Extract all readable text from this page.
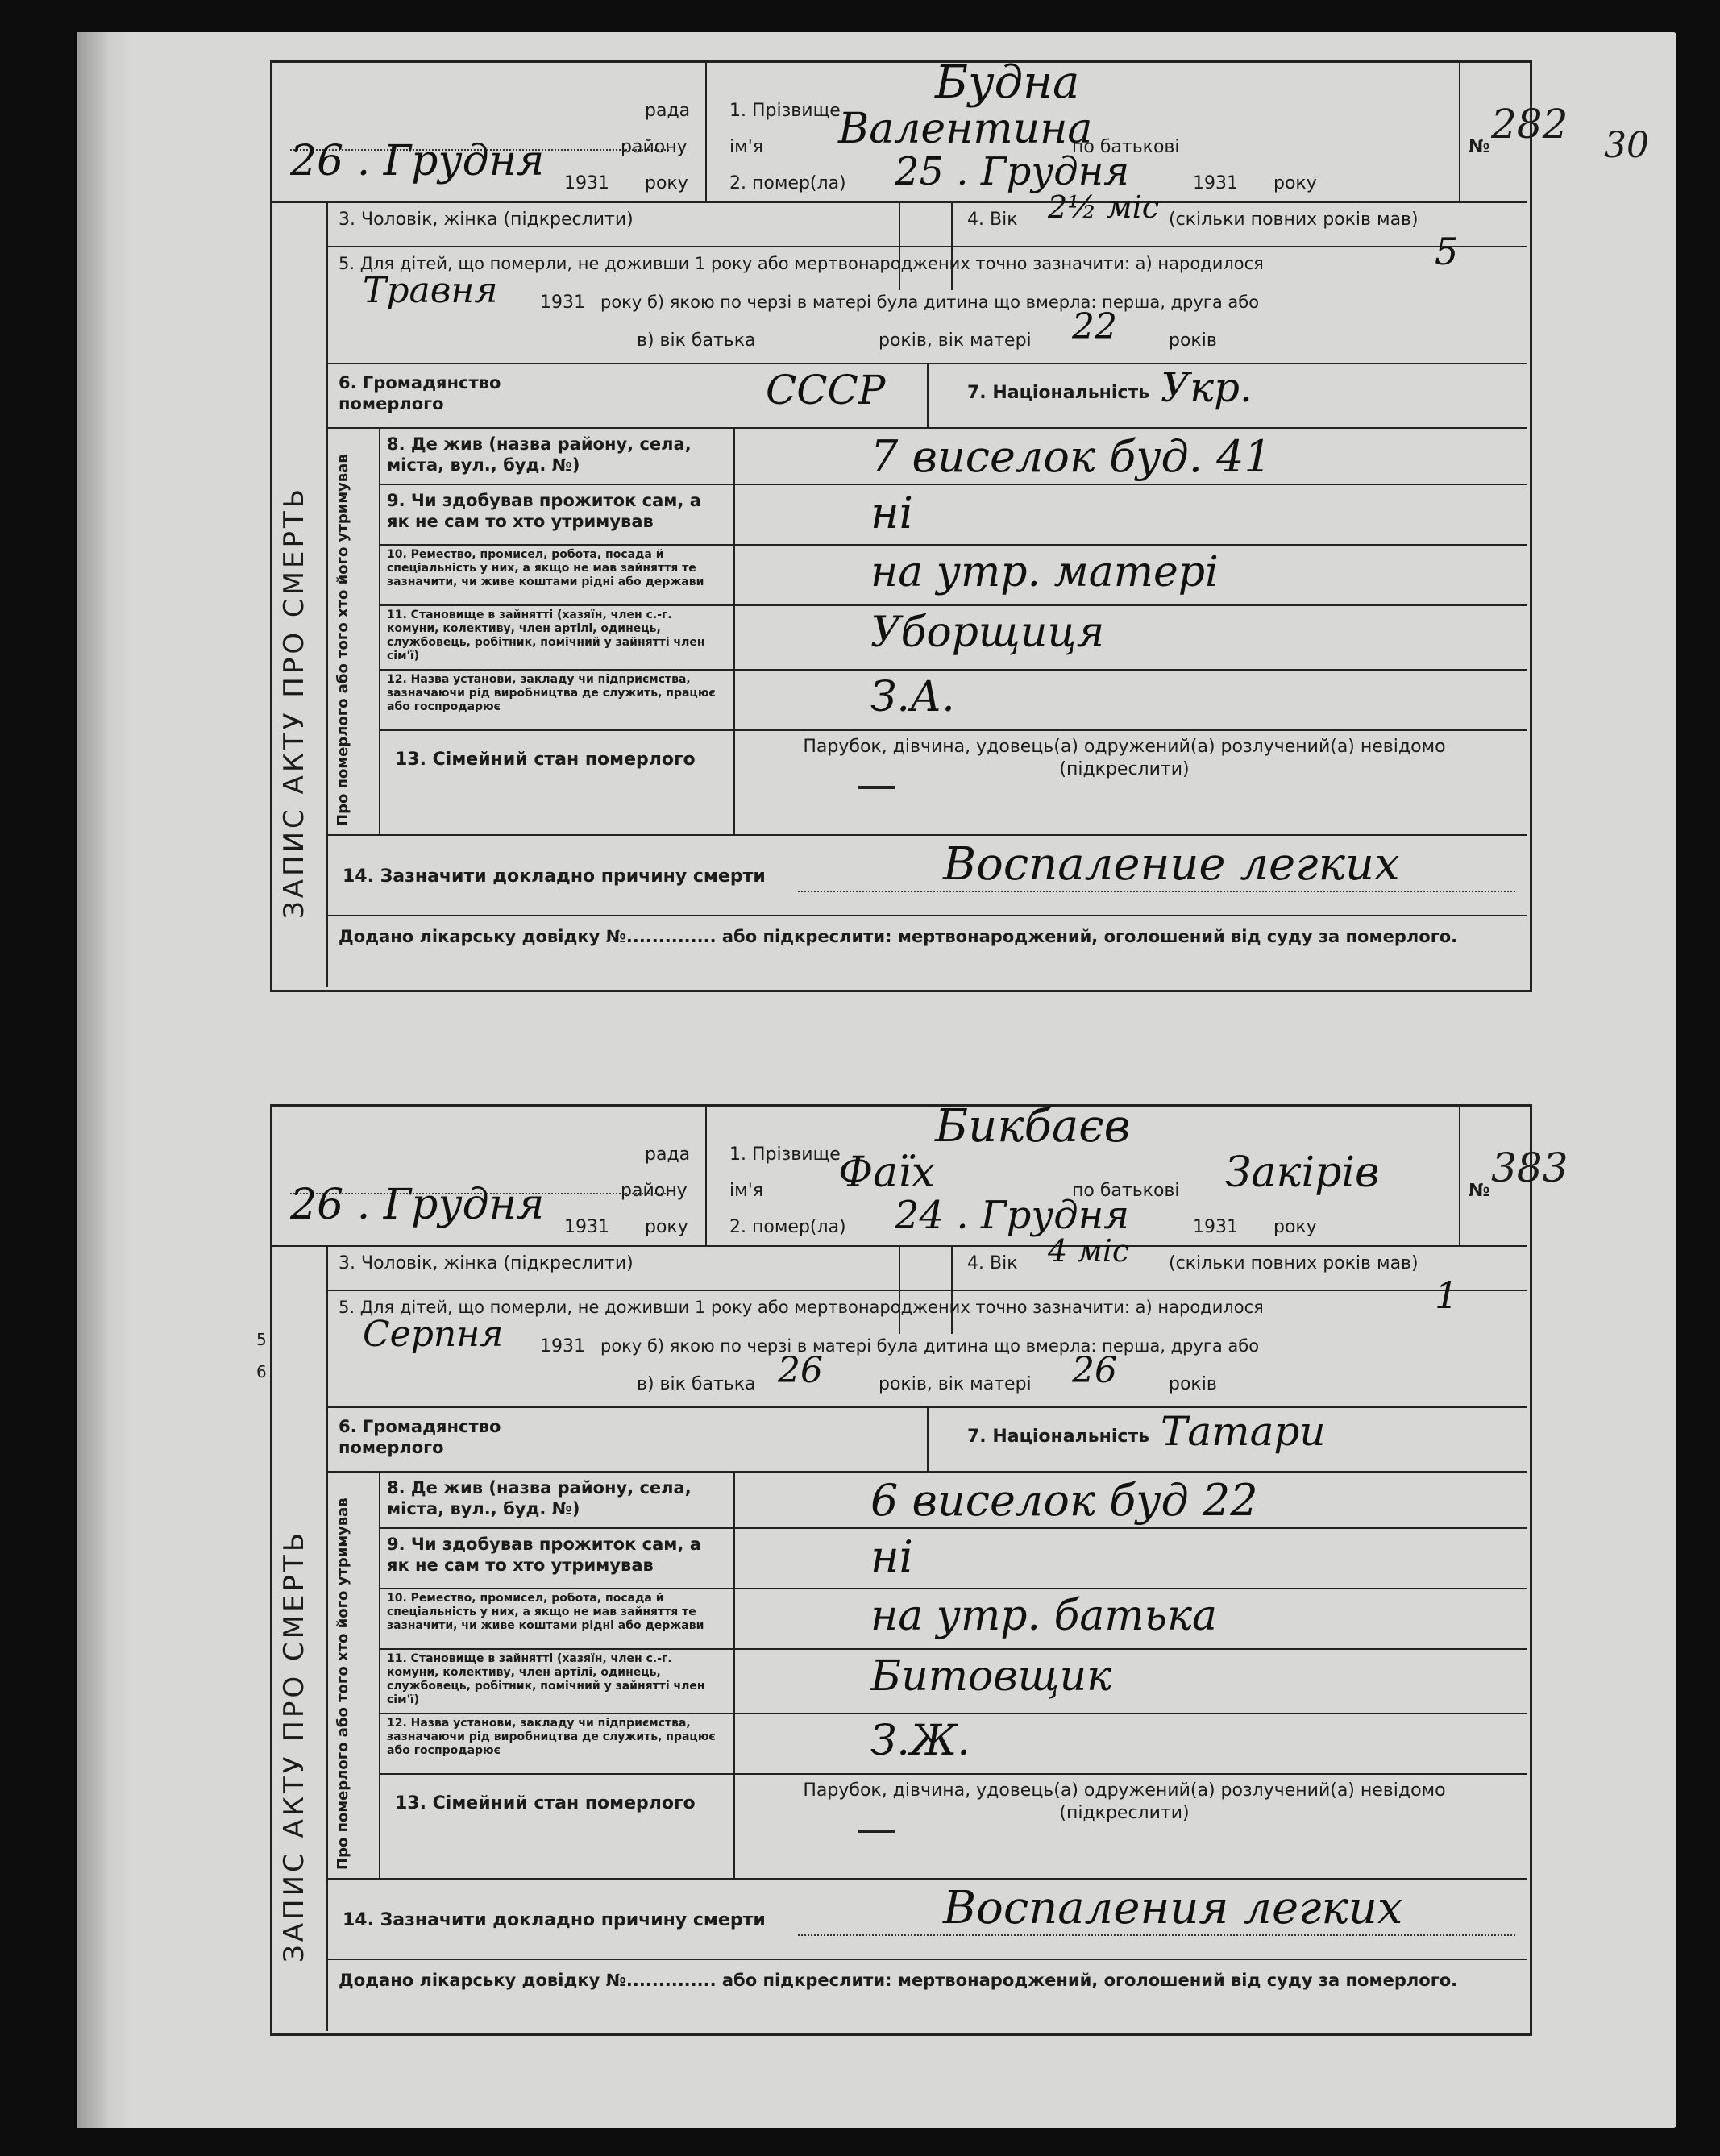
5
6
ЗАПИС АКТУ ПРО СМЕРТЬ
рада
району
26 . Грудня 1931 року
1. Прізвище
Будна
ім'я Валентина
по батькові
2. помер(ла) 25 . Грудня	1931 року
№ 282 30
3. Чоловік, жінка (підкреслити)	4. Вік 2½ міс (скільки повних років мав)
5. Для дітей, що померли, не доживши 1 року або мертвонароджених точно зазначити: а) народилося	5
Травня 1931 року б) якою по черзі в матері була дитина що вмерла: перша, друга або
в) вік батька	років, вік матері 22	років
6. Громадянство померлого	ССCР	7. Національність Укр.
Про померлого або того хто його утримував
8. Де жив (назва району, села, міста, вул., буд. №)	7 виселок буд. 41
9. Чи здобував прожиток сам, а як не сам то хто утримував	ні
10. Ремество, промисел, робота, посада й спеціальність у них, а якщо не мав зайняття те зазначити, чи живе коштами рідні або держави	на утр. матері
11. Становище в зайнятті (хазяїн, член с.-г. комуни, колективу, член артілі, одинець, службовець, робітник, помічний у зайнятті член сім'ї)	Уборщиця
12. Назва установи, закладу чи підприємства, зазначаючи рід виробництва де служить, працює або госпродарює	З.А.
13. Сімейний стан померлого
Парубок, дівчина, удовець(а) одружений(а) розлучений(а) невідомо (підкреслити)
14. Зазначити докладно причину смерти	Воспаление легких
Додано лікарську довідку №.............. або підкреслити: мертвонароджений, оголошений від суду за померлого.
ЗАПИС АКТУ ПРО СМЕРТЬ
рада
району
26 . Грудня 1931 року
1. Прізвище
Бикбаєв
ім'я Фаїх	по батькові Закірів
2. помер(ла) 24 . Грудня	1931 року
№ 383
3. Чоловік, жінка (підкреслити)	4. Вік 4 міс (скільки повних років мав)
5. Для дітей, що померли, не доживши 1 року або мертвонароджених точно зазначити: а) народилося	1
Серпня 1931 року б) якою по черзі в матері була дитина що вмерла: перша, друга або
в) вік батька 26	років, вік матері 26	років
6. Громадянство померлого
7. Національність Татари
Про померлого або того хто його утримував
8. Де жив (назва району, села, міста, вул., буд. №)	6 виселок буд 22
9. Чи здобував прожиток сам, а як не сам то хто утримував	ні
10. Ремество, промисел, робота, посада й спеціальність у них, а якщо не мав зайняття те зазначити, чи живе коштами рідні або держави	на утр. батька
11. Становище в зайнятті (хазяїн, член с.-г. комуни, колективу, член артілі, одинець, службовець, робітник, помічний у зайнятті член сім'ї)	Битовщик
12. Назва установи, закладу чи підприємства, зазначаючи рід виробництва де служить, працює або госпродарює	З.Ж.
13. Сімейний стан померлого
Парубок, дівчина, удовець(а) одружений(а) розлучений(а) невідомо (підкреслити)
14. Зазначити докладно причину смерти	Воспаления легких
Додано лікарську довідку №.............. або підкреслити: мертвонароджений, оголошений від суду за померлого.
